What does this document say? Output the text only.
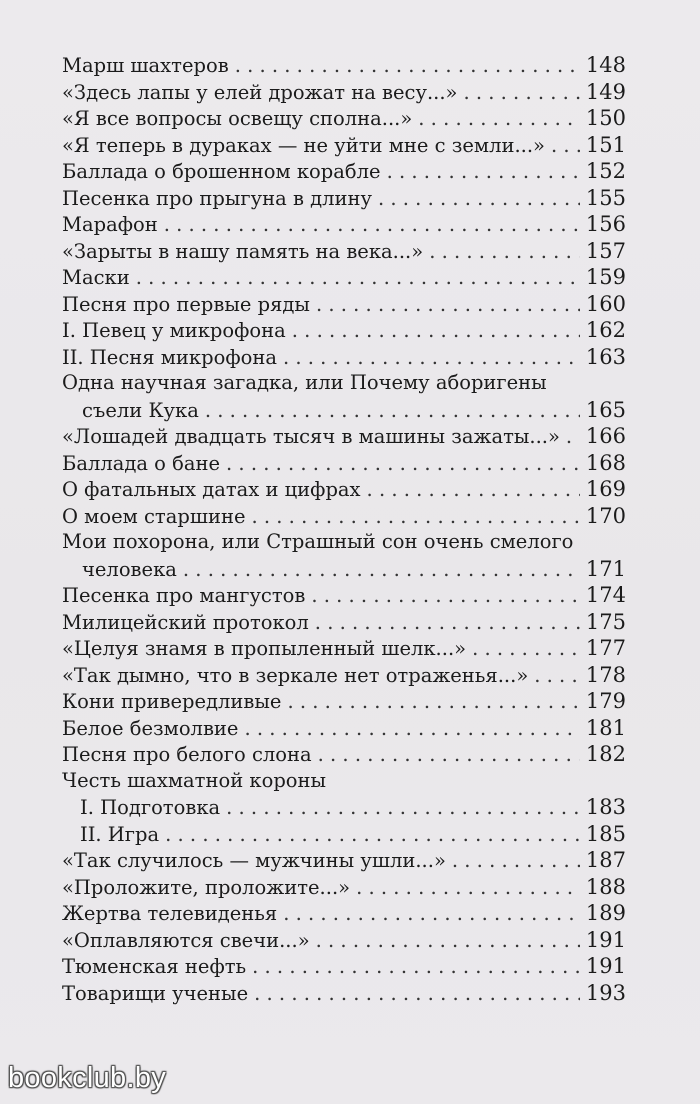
Марш шахтеров . . .	148
«Здесь лапы у елей дрожат на весу...» . . .	149
«Я все вопросы освещу сполна...» . . .	150
«Я теперь в дураках — не уйти мне с земли...» . . . 151
Баллада о брошенном корабле . . .	152
Песенка про прыгуна в длину . . .	155
Марафон . . .	156
«Зарыты в нашу память на века...» . . .	157
Маски . . .	159
Песня про первые ряды . . .	160
I. Певец у микрофона . . .	162
II. Песня микрофона . . .	163
Одна научная загадка, или Почему аборигены
съели Кука . . .	165
«Лошадей двадцать тысяч в машины зажаты...» . . . 166
Баллада о бане . . .	168
О фатальных датах и цифрах . . .	169
О моем старшине . . .	170
Мои похорона, или Страшный сон очень смелого
человека . . .	171
Песенка про мангустов . . .	174
Милицейский протокол . . .	175
«Целуя знамя в пропыленный шелк...» . . .	177
«Так дымно, что в зеркале нет отраженья...» . . .	178
Кони привередливые . . .	179
Белое безмолвие . . .	181
Песня про белого слона . . .	182
Честь шахматной короны
I. Подготовка . . .	183
II. Игра . . .	185
«Так случилось — мужчины ушли...» . . .	187
«Проложите, проложите...» . . .	188
Жертва телевиденья . . .	189
«Оплавляются свечи...» . . .	191
Тюменская нефть . . .	191
Товарищи ученые . . .	193
bookclub.by
